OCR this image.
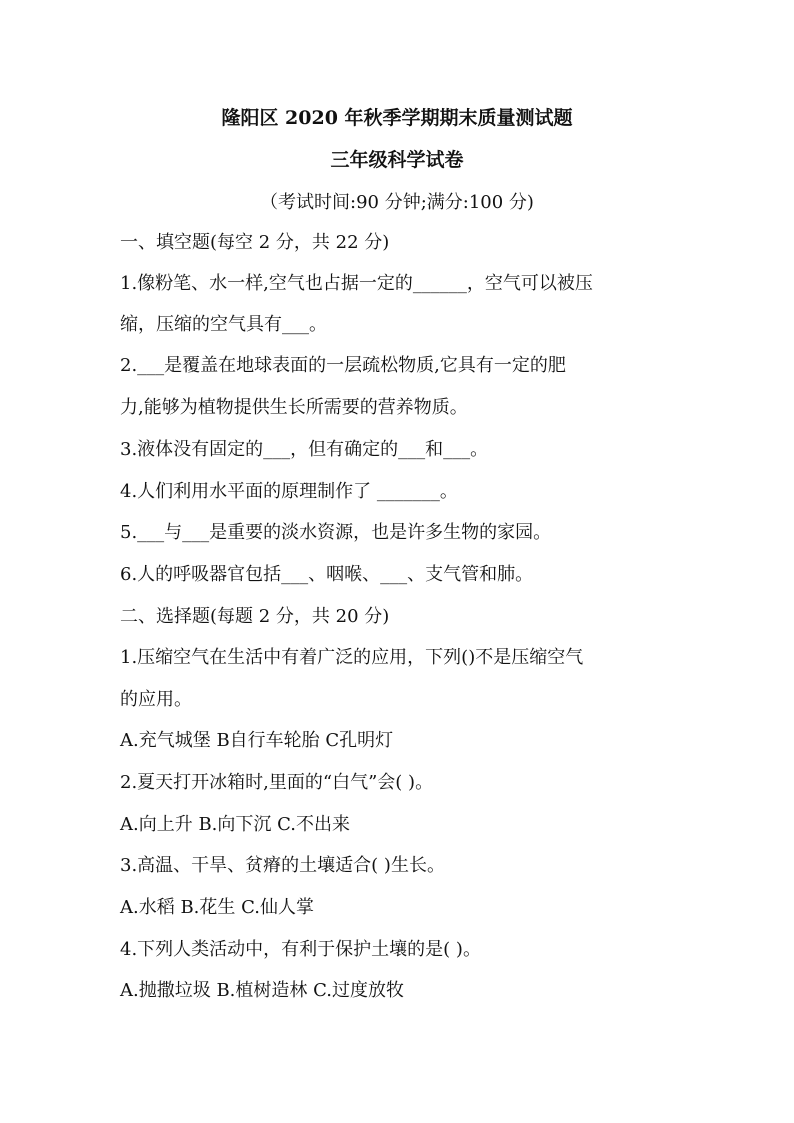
隆阳区 2020 年秋季学期期末质量测试题
三年级科学试卷
（考试时间:90 分钟;满分:100 分)
一、填空题(每空 2 分，共 22 分)
1.像粉笔、水一样,空气也占据一定的______，空气可以被压
缩，压缩的空气具有___。
2.___是覆盖在地球表面的一层疏松物质,它具有一定的肥
力,能够为植物提供生长所需要的营养物质。
3.液体没有固定的___，但有确定的___和___。
4.人们利用水平面的原理制作了 _______。
5.___与___是重要的淡水资源，也是许多生物的家园。
6.人的呼吸器官包括___、咽喉、___、支气管和肺。
二、选择题(每题 2 分，共 20 分)
1.压缩空气在生活中有着广泛的应用，下列()不是压缩空气
的应用。
A.充气城堡 B自行车轮胎 C孔明灯
2.夏天打开冰箱时,里面的“白气”会( )。
A.向上升 B.向下沉 C.不出来
3.高温、干旱、贫瘠的土壤适合( )生长。
A.水稻 B.花生 C.仙人掌
4.下列人类活动中，有利于保护土壤的是( )。
A.抛撒垃圾 B.植树造林 C.过度放牧
